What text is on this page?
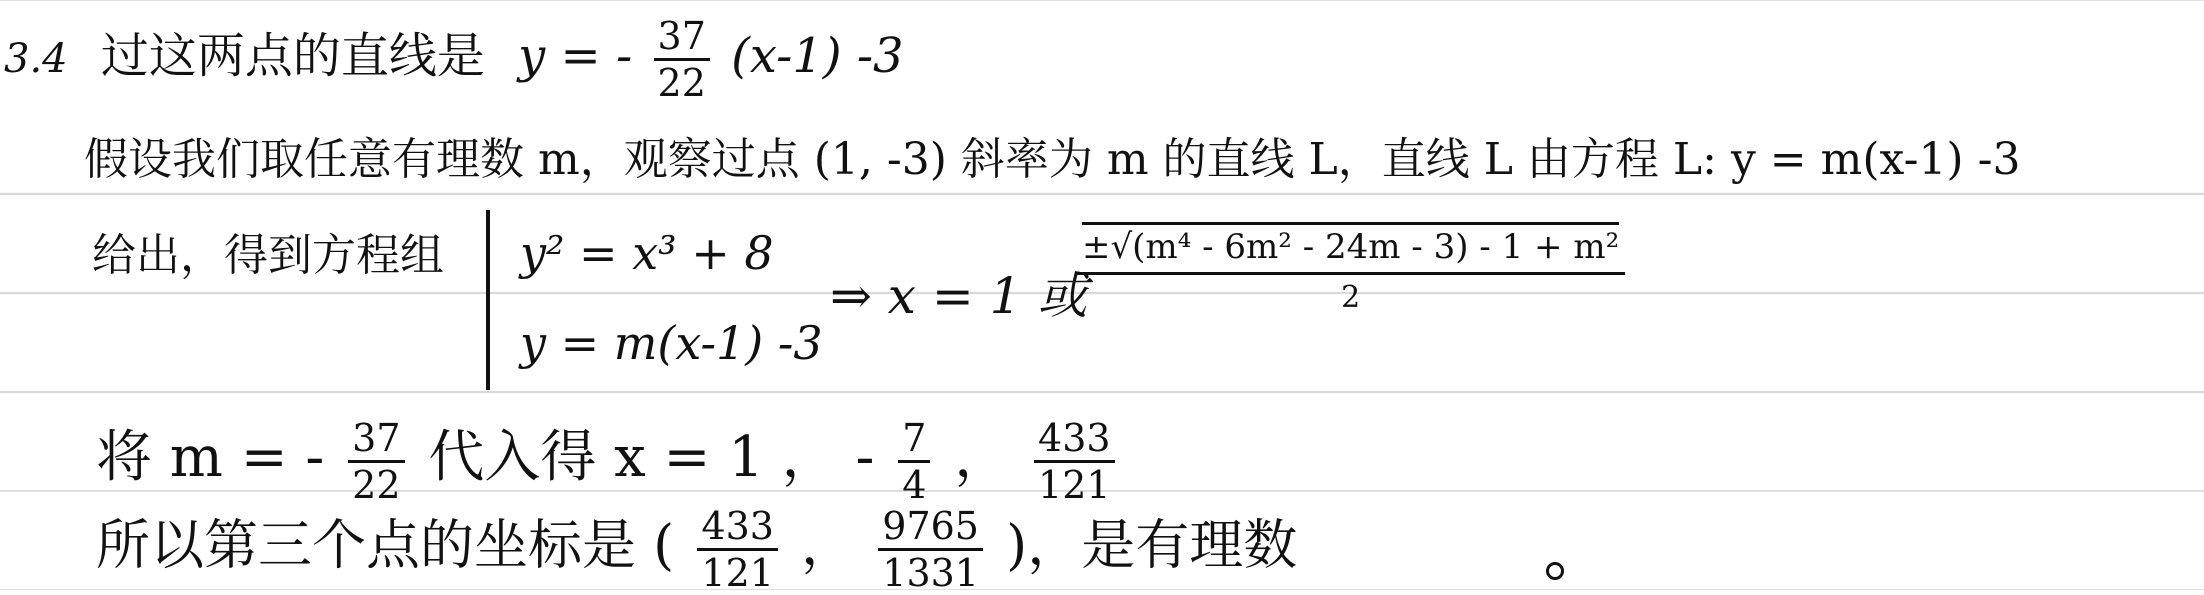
3.4 过这两点的直线是 y = - $\frac{37}{22} (x-1)$ -3
假设我们取任意有理数 m，观察过点 (1, -3) 斜率为 m 的直线 L，直线 L 由方程 L: y = m(x-1) -3
给出，得到方程组 y² = x³ + 8
y = m(x-1) -3
⇒ x = 1 或
$\frac{\text{±√(m⁴ - 6m² - 24m - 3) - 1 + m²}}{2}$
将 m = - $\frac{37}{22}$ 代入得 x = 1 ， - $\frac{7}{4}$ ， $\frac{433}{121}$
所以第三个点的坐标是 ( $\frac{433}{121}$ ， $\frac{9765}{1331}$ )，是有理数
